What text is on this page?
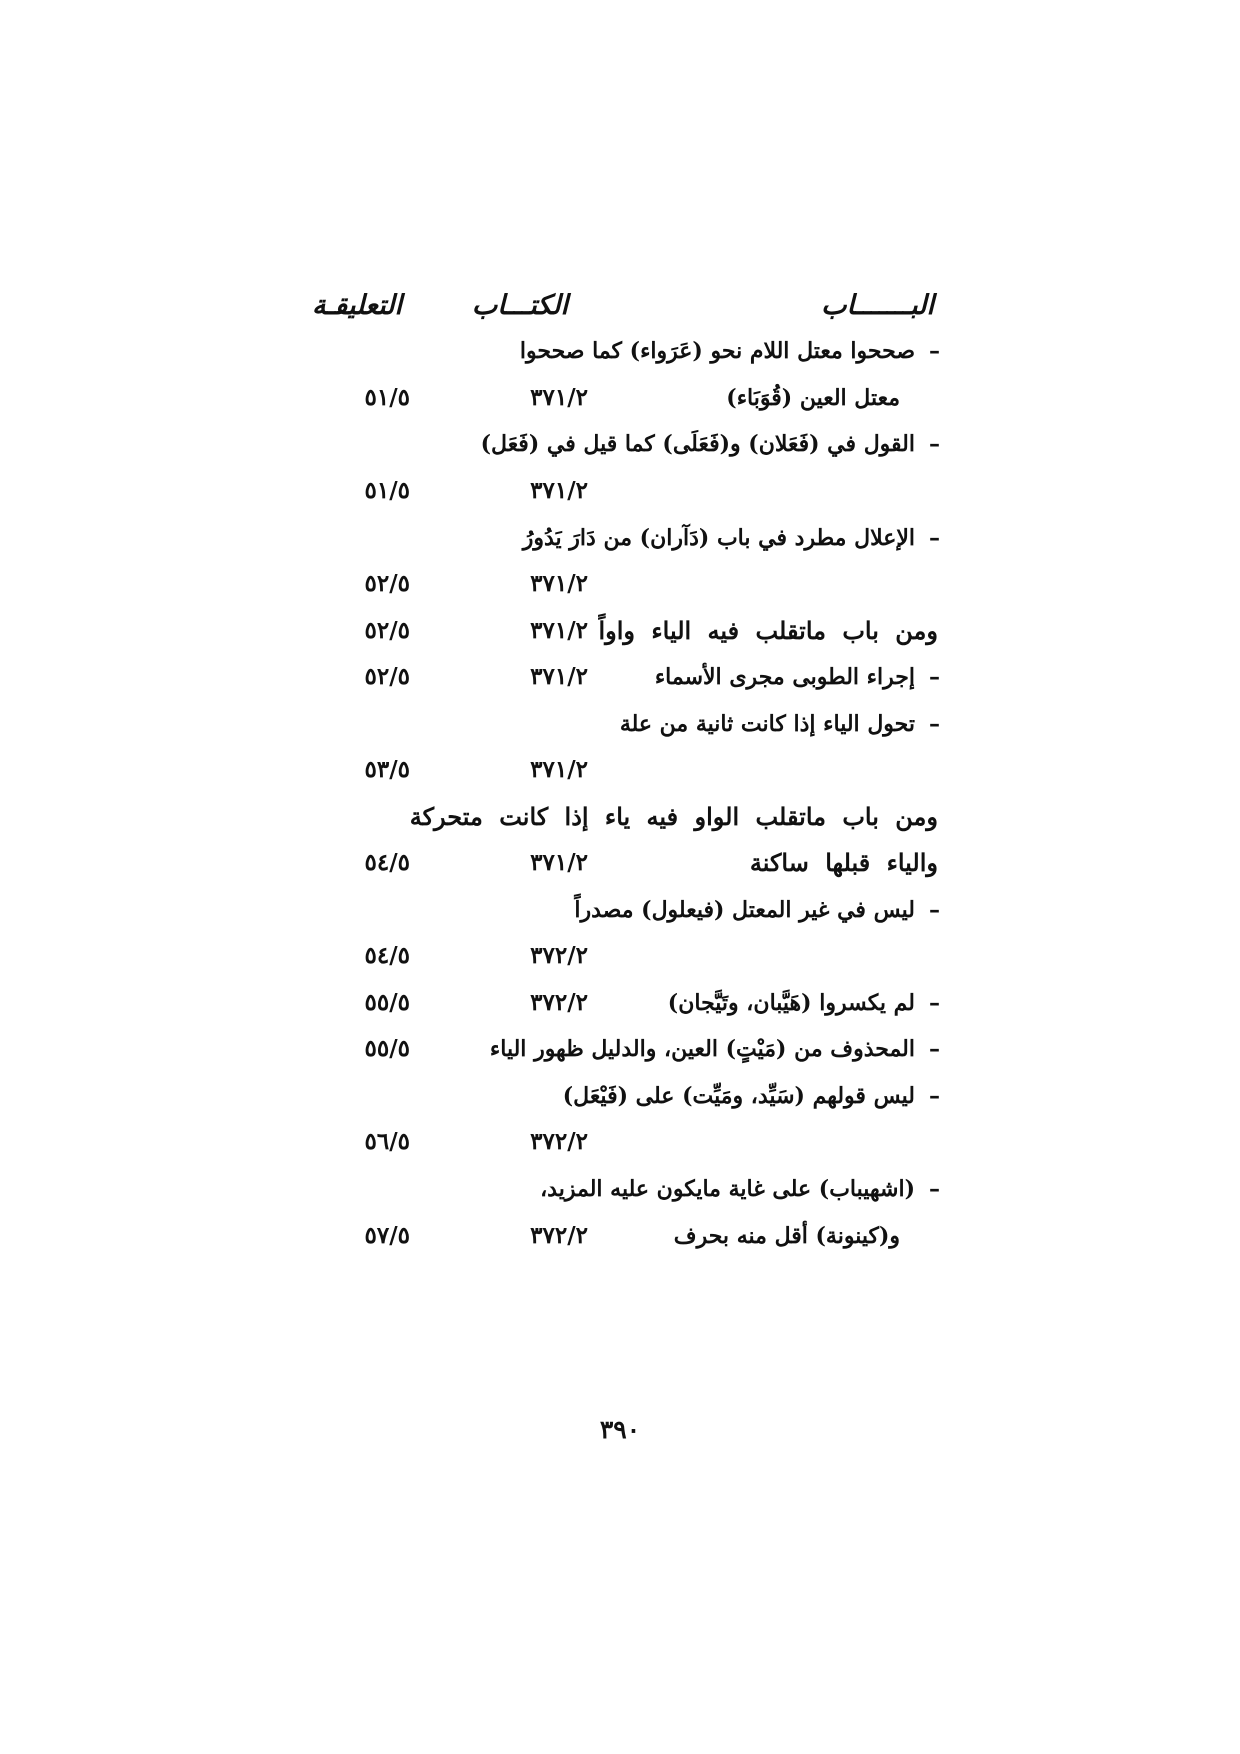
البـــــــاب
الكتـــاب
التعليقـة
–صححوا معتل اللام نحو (عَرَواء) كما صححوا
معتل العين (قُوَبَاء)
٣٧١/٢
٥١/٥
–القول في (فَعَلان) و(فَعَلَى) كما قيل في (فَعَل)
٣٧١/٢
٥١/٥
–الإعلال مطرد في باب (دَآران) من دَارَ يَدُورُ
٣٧١/٢
٥٢/٥
ومن باب ماتقلب فيه الياء واواً
٣٧١/٢
٥٢/٥
–إجراء الطوبى مجرى الأسماء
٣٧١/٢
٥٢/٥
–تحول الياء إذا كانت ثانية من علة
٣٧١/٢
٥٣/٥
ومن باب ماتقلب الواو فيه ياء إذا كانت متحركة
والياء قبلها ساكنة
٣٧١/٢
٥٤/٥
–ليس في غير المعتل (فيعلول) مصدراً
٣٧٢/٢
٥٤/٥
–لم يكسروا (هَيَّبان، وتَيَّجان)
٣٧٢/٢
٥٥/٥
–المحذوف من (مَيْتٍ) العين، والدليل ظهور الياء
٥٥/٥
–ليس قولهم (سَيِّد، ومَيِّت) على (فَيْعَل)
٣٧٢/٢
٥٦/٥
–(اشهيباب) على غاية مايكون عليه المزيد،
و(كينونة) أقل منه بحرف
٣٧٢/٢
٥٧/٥
٣٩٠
